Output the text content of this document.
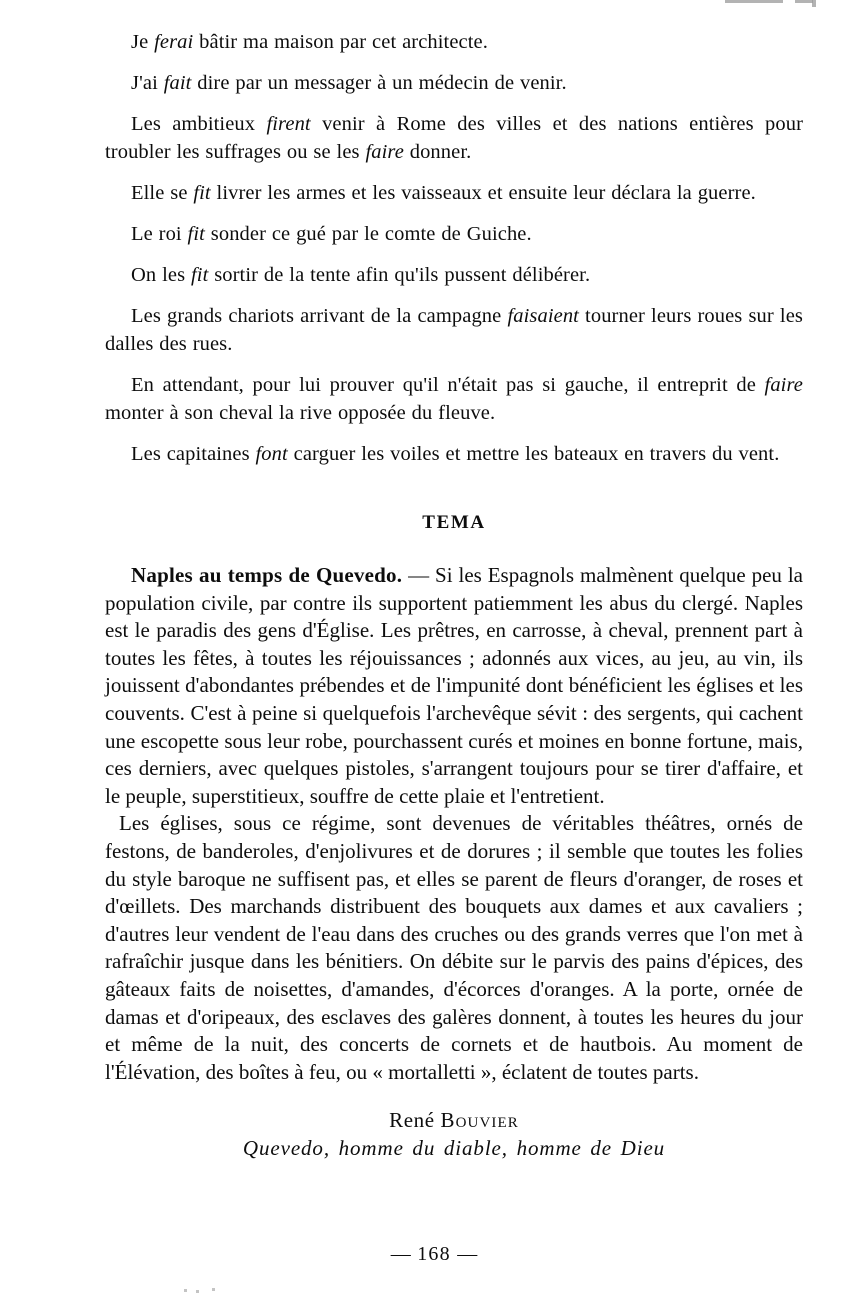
Je ferai bâtir ma maison par cet architecte.
J'ai fait dire par un messager à un médecin de venir.
Les ambitieux firent venir à Rome des villes et des nations entières pour troubler les suffrages ou se les faire donner.
Elle se fit livrer les armes et les vaisseaux et ensuite leur déclara la guerre.
Le roi fit sonder ce gué par le comte de Guiche.
On les fit sortir de la tente afin qu'ils pussent délibérer.
Les grands chariots arrivant de la campagne faisaient tourner leurs roues sur les dalles des rues.
En attendant, pour lui prouver qu'il n'était pas si gauche, il entreprit de faire monter à son cheval la rive opposée du fleuve.
Les capitaines font carguer les voiles et mettre les bateaux en travers du vent.
TEMA

Naples au temps de Quevedo. — Si les Espagnols malmènent quelque peu la population civile, par contre ils supportent patiemment les abus du clergé. Naples est le paradis des gens d'Église. Les prêtres, en carrosse, à cheval, prennent part à toutes les fêtes, à toutes les réjouissances ; adonnés aux vices, au jeu, au vin, ils jouissent d'abondantes prébendes et de l'impunité dont bénéficient les églises et les couvents. C'est à peine si quelquefois l'archevêque sévit : des sergents, qui cachent une escopette sous leur robe, pourchassent curés et moines en bonne fortune, mais, ces derniers, avec quelques pistoles, s'arrangent toujours pour se tirer d'affaire, et le peuple, superstitieux, souffre de cette plaie et l'entretient.

Les églises, sous ce régime, sont devenues de véritables théâtres, ornés de festons, de banderoles, d'enjolivures et de dorures ; il semble que toutes les folies du style baroque ne suffisent pas, et elles se parent de fleurs d'oranger, de roses et d'œillets. Des marchands distribuent des bouquets aux dames et aux cavaliers ; d'autres leur vendent de l'eau dans des cruches ou des grands verres que l'on met à rafraîchir jusque dans les bénitiers. On débite sur le parvis des pains d'épices, des gâteaux faits de noisettes, d'amandes, d'écorces d'oranges. A la porte, ornée de damas et d'oripeaux, des esclaves des galères donnent, à toutes les heures du jour et même de la nuit, des concerts de cornets et de hautbois. Au moment de l'Élévation, des boîtes à feu, ou « mortalletti », éclatent de toutes parts.

René Bouvier
Quevedo, homme du diable, homme de Dieu
— 168 —
